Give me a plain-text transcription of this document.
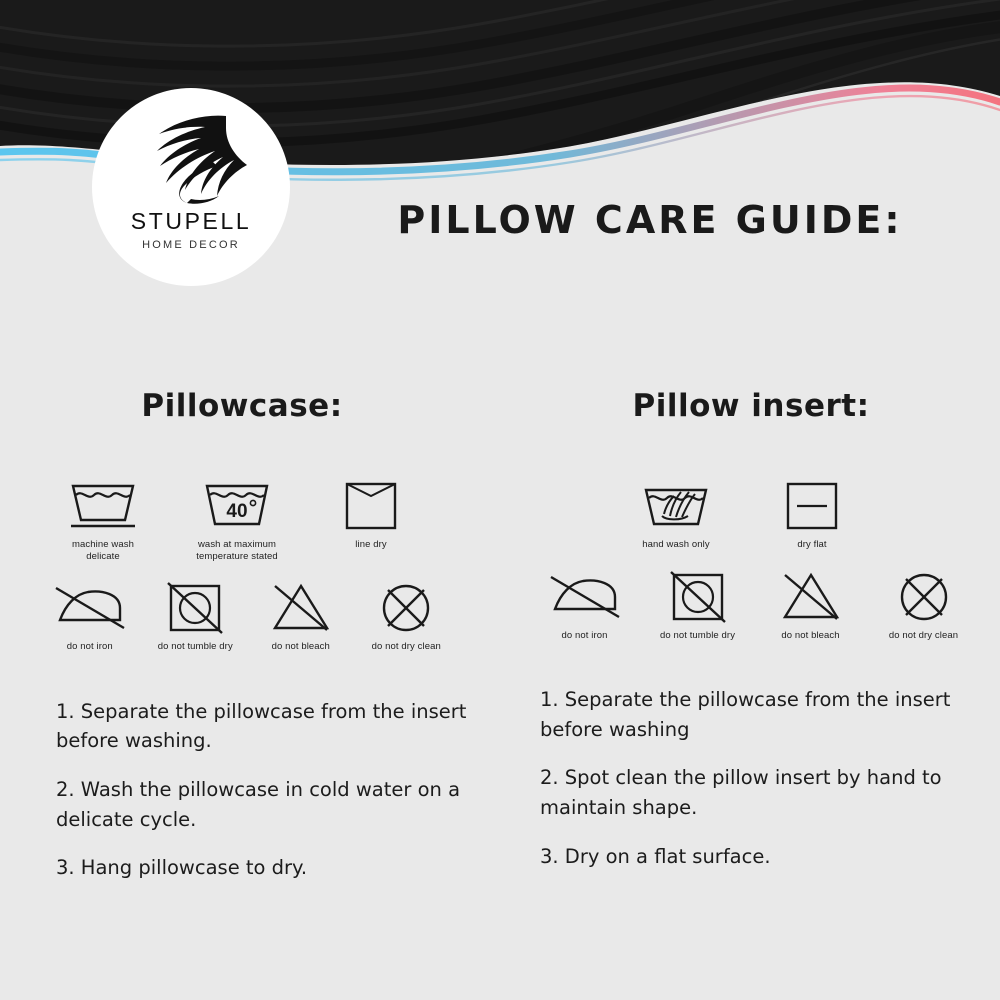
STUPELL
HOME DECOR
PILLOW CARE GUIDE:
Pillowcase:
machine wash delicate
40
wash at maximum temperature stated
line dry
do not iron	do not tumble dry	do not bleach	do not dry clean
1. Separate the pillowcase from the insert before washing.
2. Wash the pillowcase in cold water on a delicate cycle.
3. Hang pillowcase to dry.
Pillow insert:
hand wash only	dry flat
do not iron	do not tumble dry	do not bleach	do not dry clean
1. Separate the pillowcase from the insert before washing
2. Spot clean the pillow insert by hand to maintain shape.
3. Dry on a flat surface.
